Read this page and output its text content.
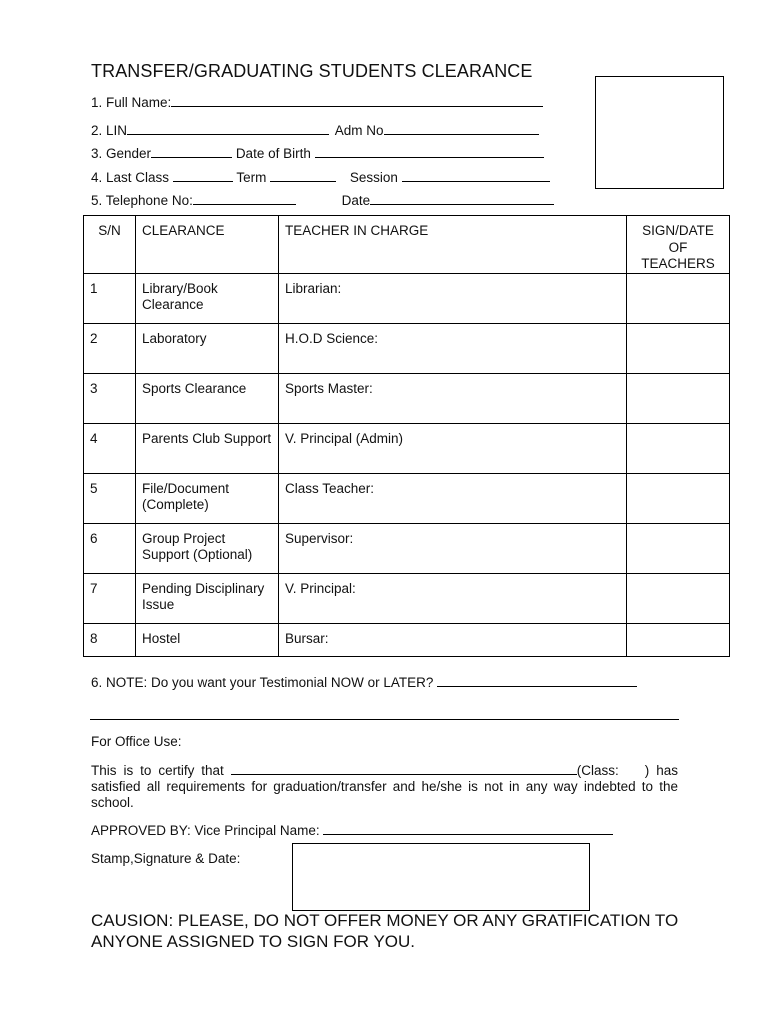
TRANSFER/GRADUATING STUDENTS CLEARANCE
1. Full Name:
2. LIN	Adm No
3. Gender	Date of Birth
4. Last Class	Term	Session
5. Telephone No:	Date
S/N	CLEARANCE	TEACHER IN CHARGE	SIGN/DATE OF TEACHERS
1	Library/Book Clearance	Librarian:	
2	Laboratory	H.O.D Science:	
3	Sports Clearance	Sports Master:	
4	Parents Club Support	V. Principal (Admin)	
5	File/Document (Complete)	Class Teacher:	
6	Group Project Support (Optional)	Supervisor:	
7	Pending Disciplinary Issue	V. Principal:	
8	Hostel	Bursar:	
6. NOTE: Do you want your Testimonial NOW or LATER?
For Office Use:
This is to certify that	(Class: ) has satisfied all requirements for graduation/transfer and he/she is not in any way indebted to the school.
APPROVED BY: Vice Principal Name:
Stamp,Signature & Date:
CAUSION: PLEASE, DO NOT OFFER MONEY OR ANY GRATIFICATION TO ANYONE ASSIGNED TO SIGN FOR YOU.
